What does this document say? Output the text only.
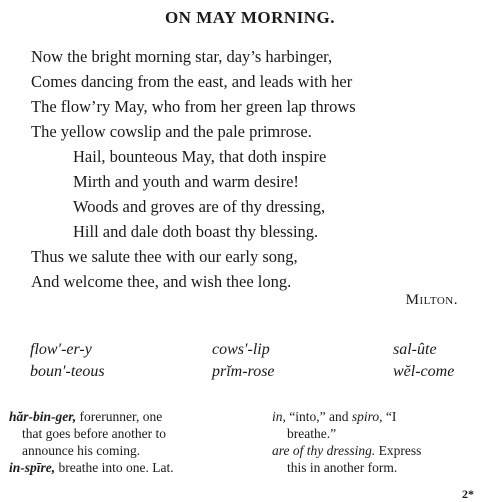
ON MAY MORNING.
Now the bright morning star, day’s harbinger,
Comes dancing from the east, and leads with her
The flow’ry May, who from her green lap throws
The yellow cowslip and the pale primrose.
Hail, bounteous May, that doth inspire
Mirth and youth and warm desire!
Woods and groves are of thy dressing,
Hill and dale doth boast thy blessing.
Thus we salute thee with our early song,
And welcome thee, and wish thee long.
Milton.
flow′-er-y	cows′-lip	sal-ûte
boun′-teous	prĭm-rose	wĕl-come
hăr-bin-ger, forerunner, one
that goes before another to
announce his coming.
in-spīre, breathe into one. Lat.
in, “into,” and spiro, “I
breathe.”
are of thy dressing. Express
this in another form.
2*
